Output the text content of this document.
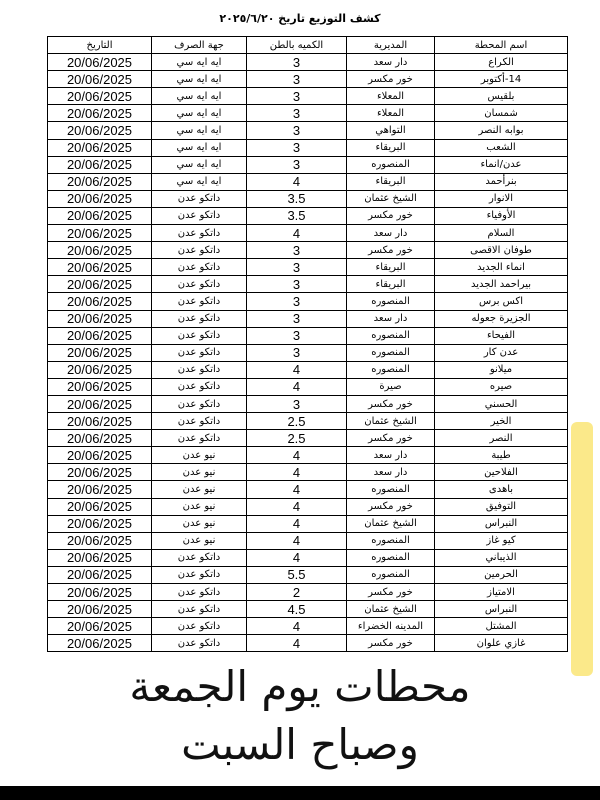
كشف التوزيع تاريخ ٢٠٢٥/٦/٢٠
التاريخ	جهة الصرف	الكميه بالطن	المديرية	اسم المحطة
20/06/2025	ايه ايه سي	3	دار سعد	الكراع
20/06/2025	ايه ايه سي	3	خور مكسر	14-أكتوبر
20/06/2025	ايه ايه سي	3	المعلاء	بلقيس
20/06/2025	ايه ايه سي	3	المعلاء	شمسان
20/06/2025	ايه ايه سي	3	التواهي	بوابه النصر
20/06/2025	ايه ايه سي	3	البريقاء	الشعب
20/06/2025	ايه ايه سي	3	المنصوره	عدن/انماء
20/06/2025	ايه ايه سي	4	البريقاء	بنرأحمد
20/06/2025	داتكو عدن	3.5	الشيخ عثمان	الانوار
20/06/2025	داتكو عدن	3.5	خور مكسر	الأوفياء
20/06/2025	داتكو عدن	4	دار سعد	السلام
20/06/2025	داتكو عدن	3	خور مكسر	طوفان الاقصى
20/06/2025	داتكو عدن	3	البريقاء	انماء الجديد
20/06/2025	داتكو عدن	3	البريقاء	بيراحمد الجديد
20/06/2025	داتكو عدن	3	المنصوره	اكس برس
20/06/2025	داتكو عدن	3	دار سعد	الجزيرة جعوله
20/06/2025	داتكو عدن	3	المنصوره	الفيحاء
20/06/2025	داتكو عدن	3	المنصوره	عدن كار
20/06/2025	داتكو عدن	4	المنصوره	ميلانو
20/06/2025	داتكو عدن	4	صيرة	صيره
20/06/2025	داتكو عدن	3	خور مكسر	الحسني
20/06/2025	داتكو عدن	2.5	الشيخ عثمان	الخير
20/06/2025	داتكو عدن	2.5	خور مكسر	النصر
20/06/2025	نيو عدن	4	دار سعد	طيبة
20/06/2025	نيو عدن	4	دار سعد	الفلاحين
20/06/2025	نيو عدن	4	المنصوره	باهدى
20/06/2025	نيو عدن	4	خور مكسر	التوفيق
20/06/2025	نيو عدن	4	الشيخ عثمان	النبراس
20/06/2025	نيو عدن	4	المنصوره	كيو غاز
20/06/2025	داتكو عدن	4	المنصوره	الذيباني
20/06/2025	داتكو عدن	5.5	المنصوره	الحرمين
20/06/2025	داتكو عدن	2	خور مكسر	الامتياز
20/06/2025	داتكو عدن	4.5	الشيخ عثمان	النبراس
20/06/2025	داتكو عدن	4	المدينه الخضراء	المشتل
20/06/2025	داتكو عدن	4	خور مكسر	غازي علوان
محطات يوم الجمعة
وصباح السبت
